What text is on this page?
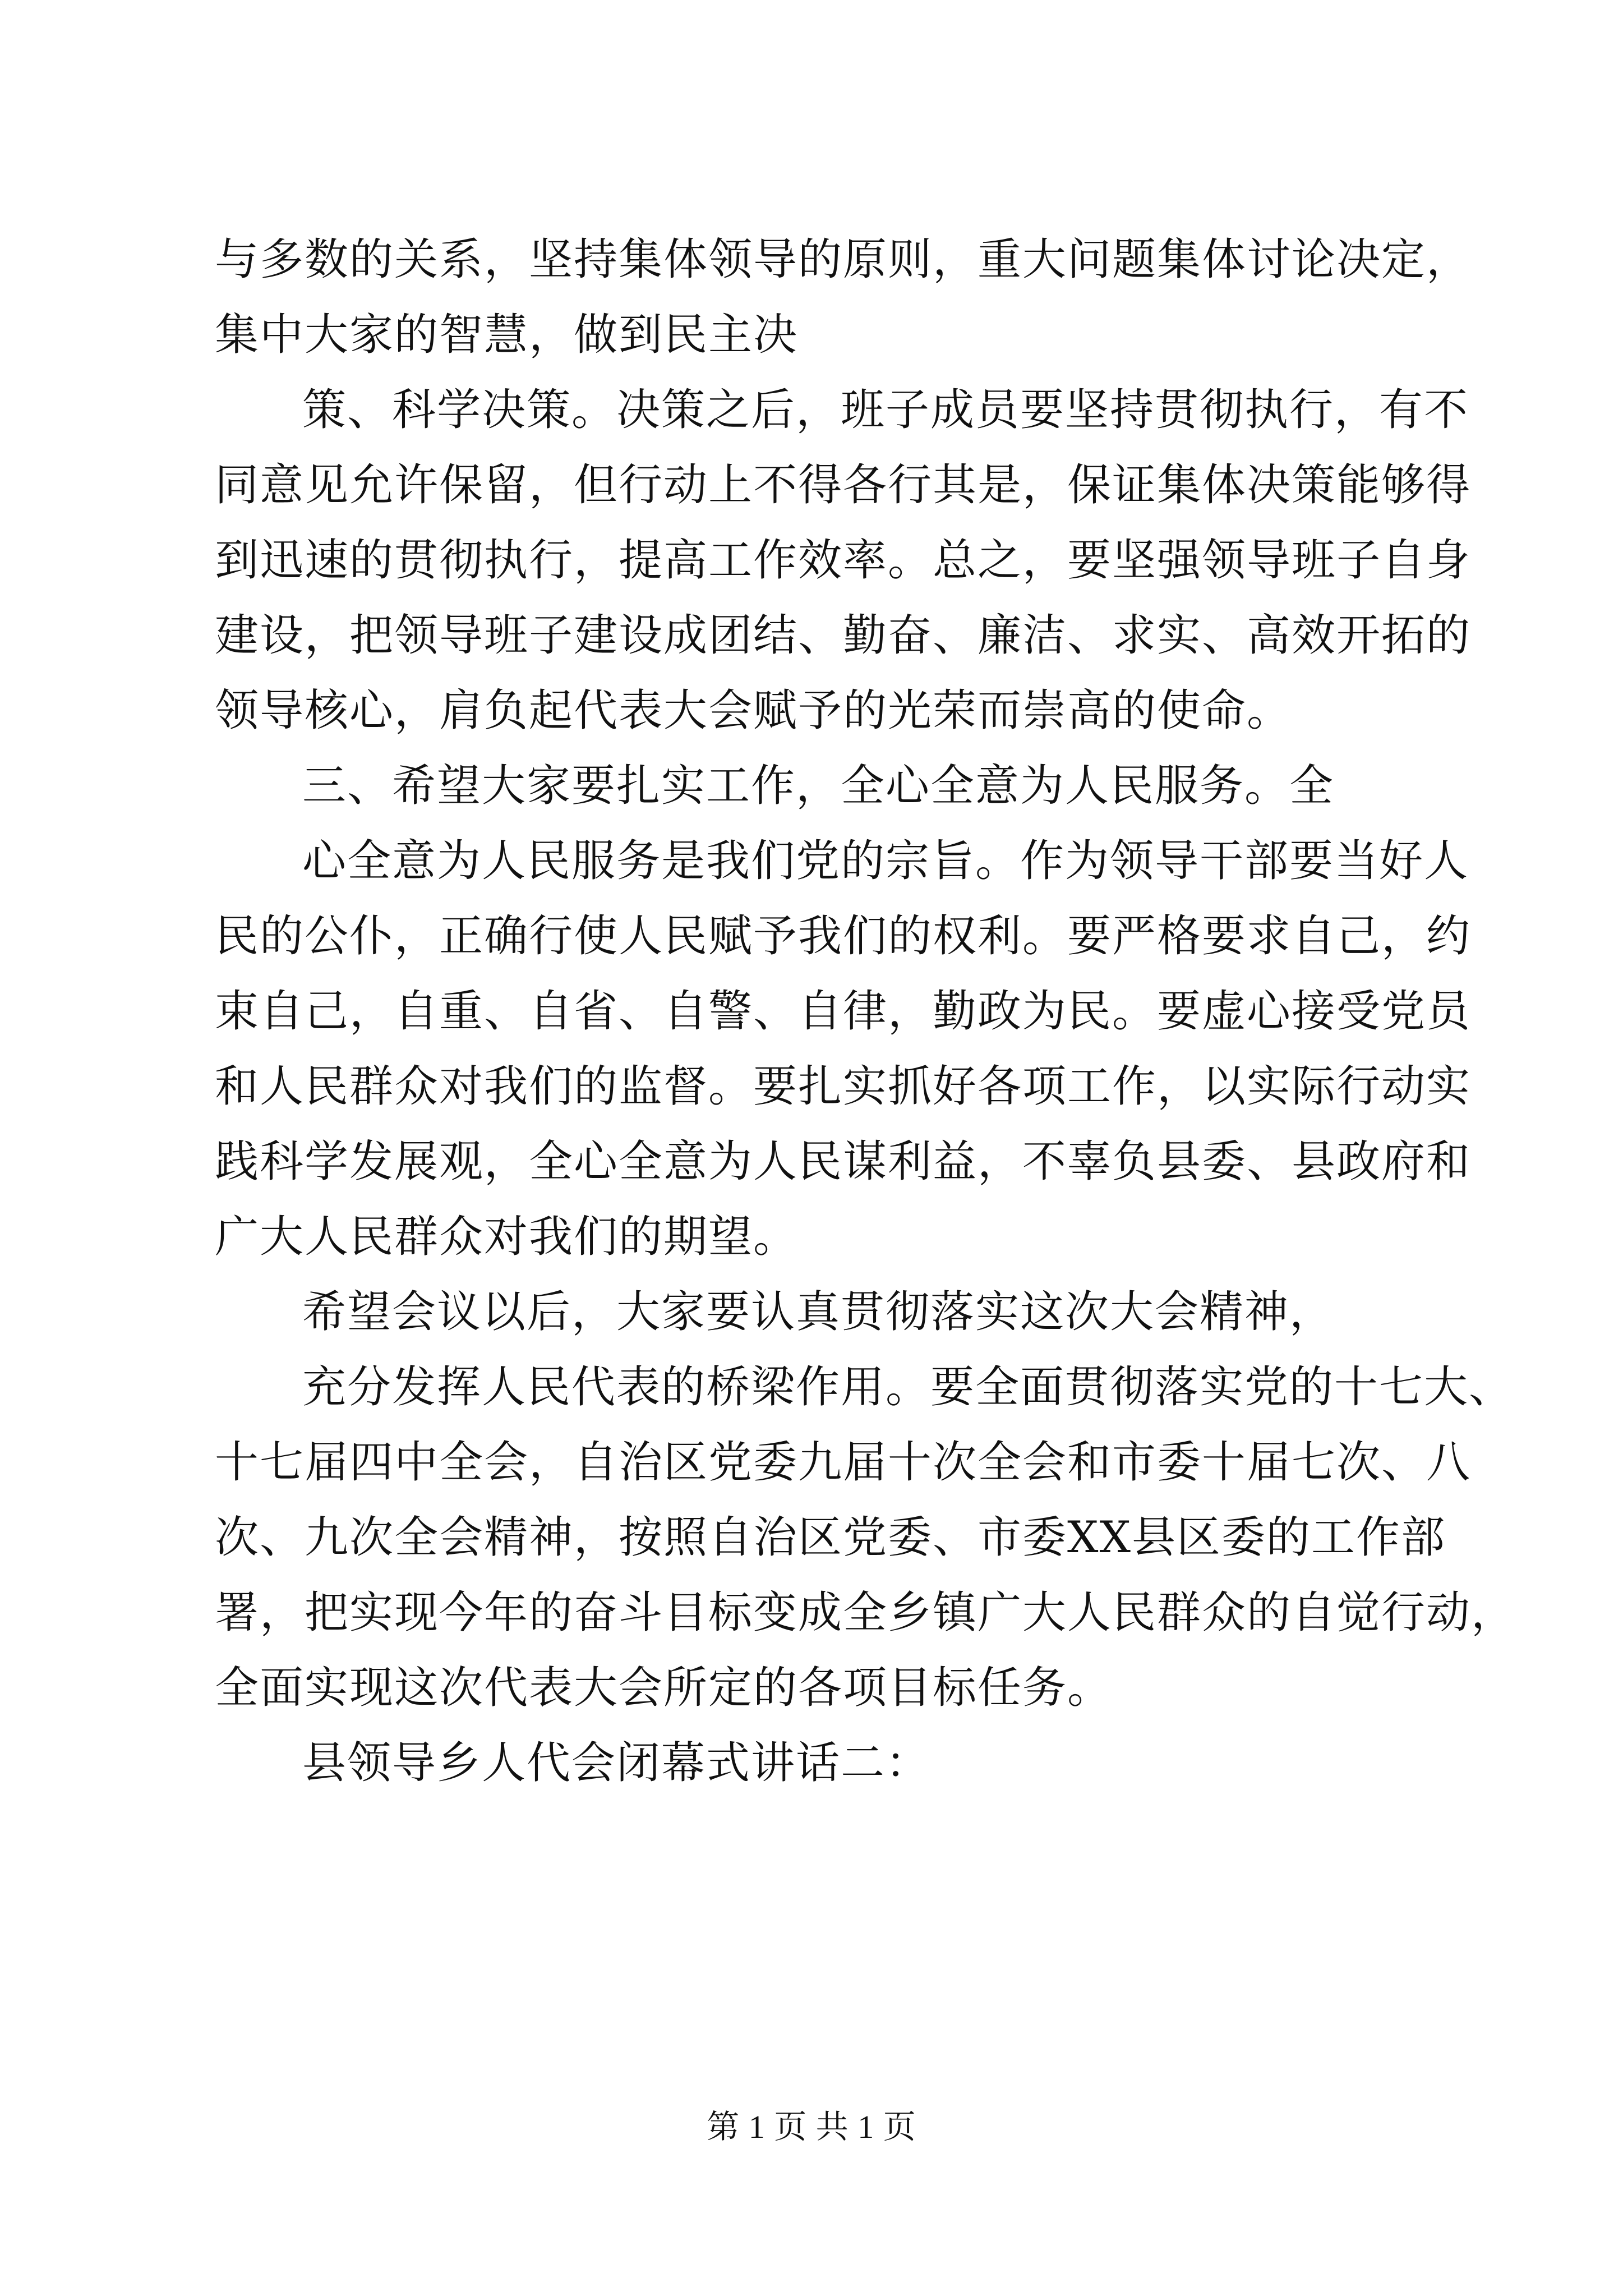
与多数的关系，坚持集体领导的原则，重大问题集体讨论决定，
集中大家的智慧，做到民主决
策、科学决策。决策之后，班子成员要坚持贯彻执行，有不
同意见允许保留，但行动上不得各行其是，保证集体决策能够得
到迅速的贯彻执行，提高工作效率。总之，要坚强领导班子自身
建设，把领导班子建设成团结、勤奋、廉洁、求实、高效开拓的
领导核心，肩负起代表大会赋予的光荣而崇高的使命。
三、希望大家要扎实工作，全心全意为人民服务。全
心全意为人民服务是我们党的宗旨。作为领导干部要当好人
民的公仆，正确行使人民赋予我们的权利。要严格要求自己，约
束自己，自重、自省、自警、自律，勤政为民。要虚心接受党员
和人民群众对我们的监督。要扎实抓好各项工作，以实际行动实
践科学发展观，全心全意为人民谋利益，不辜负县委、县政府和
广大人民群众对我们的期望。
希望会议以后，大家要认真贯彻落实这次大会精神，
充分发挥人民代表的桥梁作用。要全面贯彻落实党的十七大、
十七届四中全会，自治区党委九届十次全会和市委十届七次、八
次、九次全会精神，按照自治区党委、市委XX县区委的工作部
署，把实现今年的奋斗目标变成全乡镇广大人民群众的自觉行动，
全面实现这次代表大会所定的各项目标任务。
县领导乡人代会闭幕式讲话二：
第 1 页 共 1 页
